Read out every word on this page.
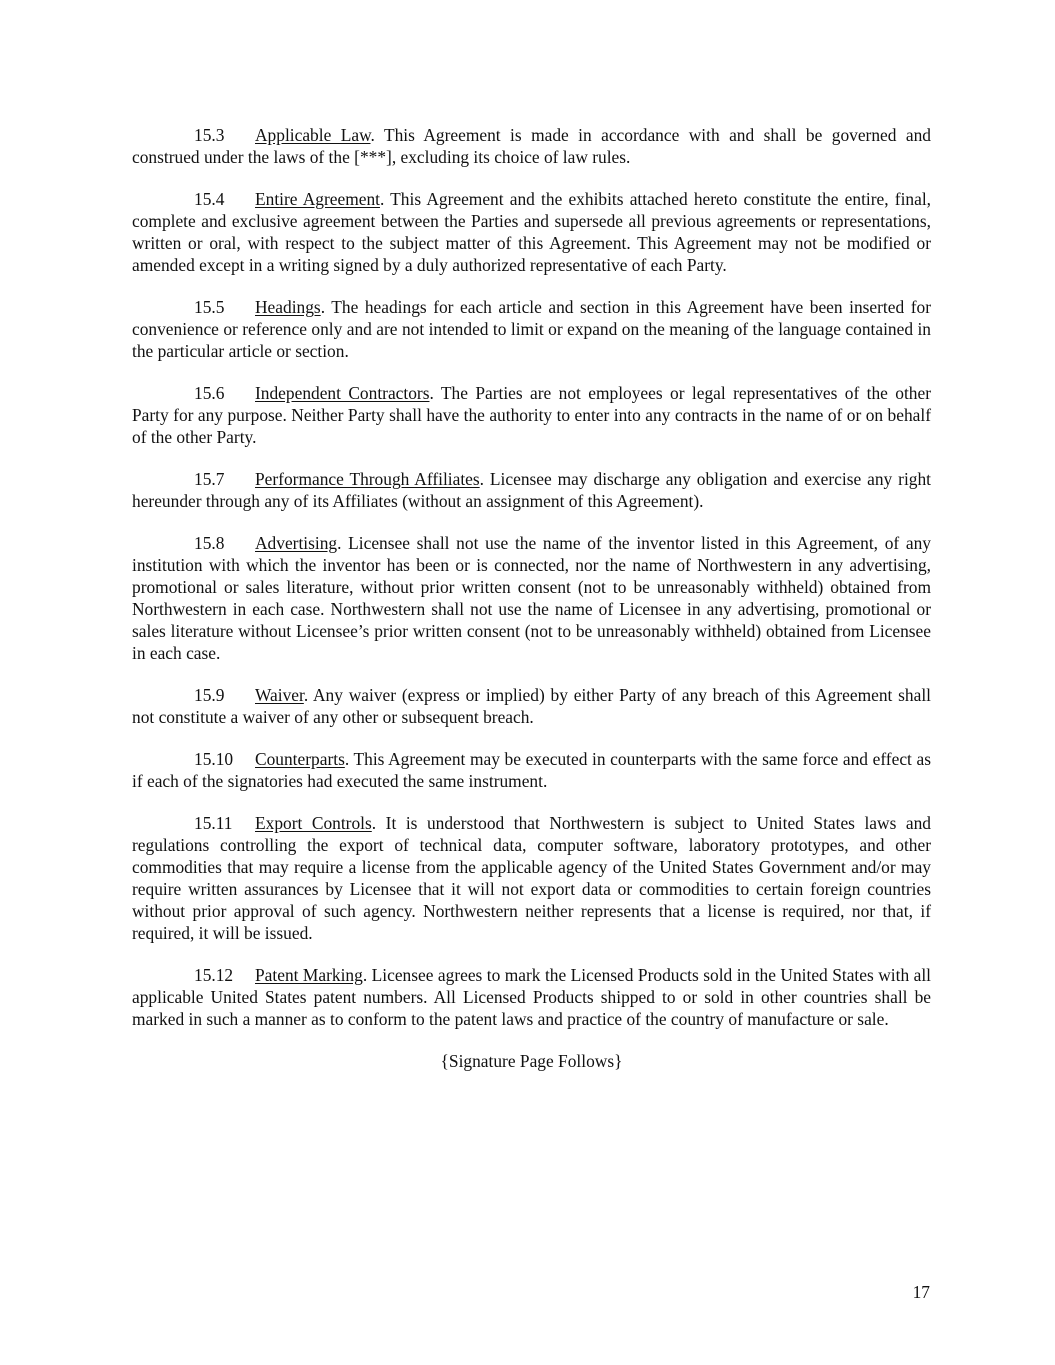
15.3 Applicable Law. This Agreement is made in accordance with and shall be governed and construed under the laws of the [***], excluding its choice of law rules.

15.4 Entire Agreement. This Agreement and the exhibits attached hereto constitute the entire, final, complete and exclusive agreement between the Parties and supersede all previous agreements or representations, written or oral, with respect to the subject matter of this Agreement. This Agreement may not be modified or amended except in a writing signed by a duly authorized representative of each Party.

15.5 Headings. The headings for each article and section in this Agreement have been inserted for convenience or reference only and are not intended to limit or expand on the meaning of the language contained in the particular article or section.

15.6 Independent Contractors. The Parties are not employees or legal representatives of the other Party for any purpose. Neither Party shall have the authority to enter into any contracts in the name of or on behalf of the other Party.

15.7 Performance Through Affiliates. Licensee may discharge any obligation and exercise any right hereunder through any of its Affiliates (without an assignment of this Agreement).

15.8 Advertising. Licensee shall not use the name of the inventor listed in this Agreement, of any institution with which the inventor has been or is connected, nor the name of Northwestern in any advertising, promotional or sales literature, without prior written consent (not to be unreasonably withheld) obtained from Northwestern in each case. Northwestern shall not use the name of Licensee in any advertising, promotional or sales literature without Licensee’s prior written consent (not to be unreasonably withheld) obtained from Licensee in each case.

15.9 Waiver. Any waiver (express or implied) by either Party of any breach of this Agreement shall not constitute a waiver of any other or subsequent breach.

15.10 Counterparts. This Agreement may be executed in counterparts with the same force and effect as if each of the signatories had executed the same instrument.

15.11 Export Controls. It is understood that Northwestern is subject to United States laws and regulations controlling the export of technical data, computer software, laboratory prototypes, and other commodities that may require a license from the applicable agency of the United States Government and/or may require written assurances by Licensee that it will not export data or commodities to certain foreign countries without prior approval of such agency. Northwestern neither represents that a license is required, nor that, if required, it will be issued.

15.12 Patent Marking. Licensee agrees to mark the Licensed Products sold in the United States with all applicable United States patent numbers. All Licensed Products shipped to or sold in other countries shall be marked in such a manner as to conform to the patent laws and practice of the country of manufacture or sale.

{Signature Page Follows}

17
